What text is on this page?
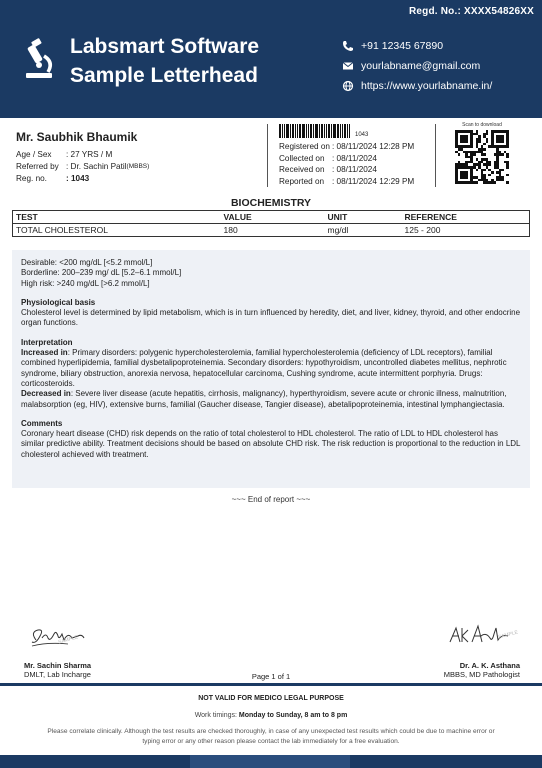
Regd. No.: XXXX54826XX
Labsmart Software
Sample Letterhead
+91 12345 67890
yourlabname@gmail.com
https://www.yourlabname.in/
Mr. Saubhik Bhaumik
Age / Sex	: 27 YRS / M
Referred by : Dr. Sachin Patil (MBBS)
Reg. no.	: 1043
1043
Registered on : 08/11/2024 12:28 PM
Collected on : 08/11/2024
Received on : 08/11/2024
Reported on : 08/11/2024 12:29 PM
Scan to download
BIOCHEMISTRY
TEST	VALUE	UNIT	REFERENCE
TOTAL CHOLESTEROL	180	mg/dl	125 - 200

Desirable: <200 mg/dL [<5.2 mmol/L]

Borderline: 200–239 mg/ dL [5.2–6.1 mmol/L]

High risk: >240 mg/dL [>6.2 mmol/L]

Physiological basis

Cholesterol level is determined by lipid metabolism, which is in turn influenced by heredity, diet, and liver, kidney, thyroid, and other endocrine organ functions.

Interpretation

Increased in: Primary disorders: polygenic hypercholesterolemia, familial hypercholesterolemia (deficiency of LDL receptors), familial combined hyperlipidemia, familial dysbetalipoproteinemia. Secondary disorders: hypothyroidism, uncontrolled diabetes mellitus, nephrotic syndrome, biliary obstruction, anorexia nervosa, hepatocellular carcinoma, Cushing syndrome, acute intermittent porphyria. Drugs: corticosteroids.

Decreased in: Severe liver disease (acute hepatitis, cirrhosis, malignancy), hyperthyroidism, severe acute or chronic illness, malnutrition, malabsorption (eg, HIV), extensive burns, familial (Gaucher disease, Tangier disease), abetalipoproteinemia, intestinal lymphangiectasia.

Comments

Coronary heart disease (CHD) risk depends on the ratio of total cholesterol to HDL cholesterol. The ratio of LDL to HDL cholesterol has similar predictive ability. Treatment decisions should be based on absolute CHD risk. The risk reduction is proportional to the reduction in LDL cholesterol achieved with treatment.

~~~ End of report ~~~
SAMPLE	SAMPLE
Mr. Sachin Sharma
DMLT, Lab Incharge
Dr. A. K. Asthana
MBBS, MD Pathologist
Page 1 of 1
NOT VALID FOR MEDICO LEGAL PURPOSE
Work timings: Monday to Sunday, 8 am to 8 pm
Please correlate clinically. Although the test results are checked thoroughly, in case of any unexpected test results which could be due to machine error or typing error or any other reason please contact the lab immediately for a free evaluation.
